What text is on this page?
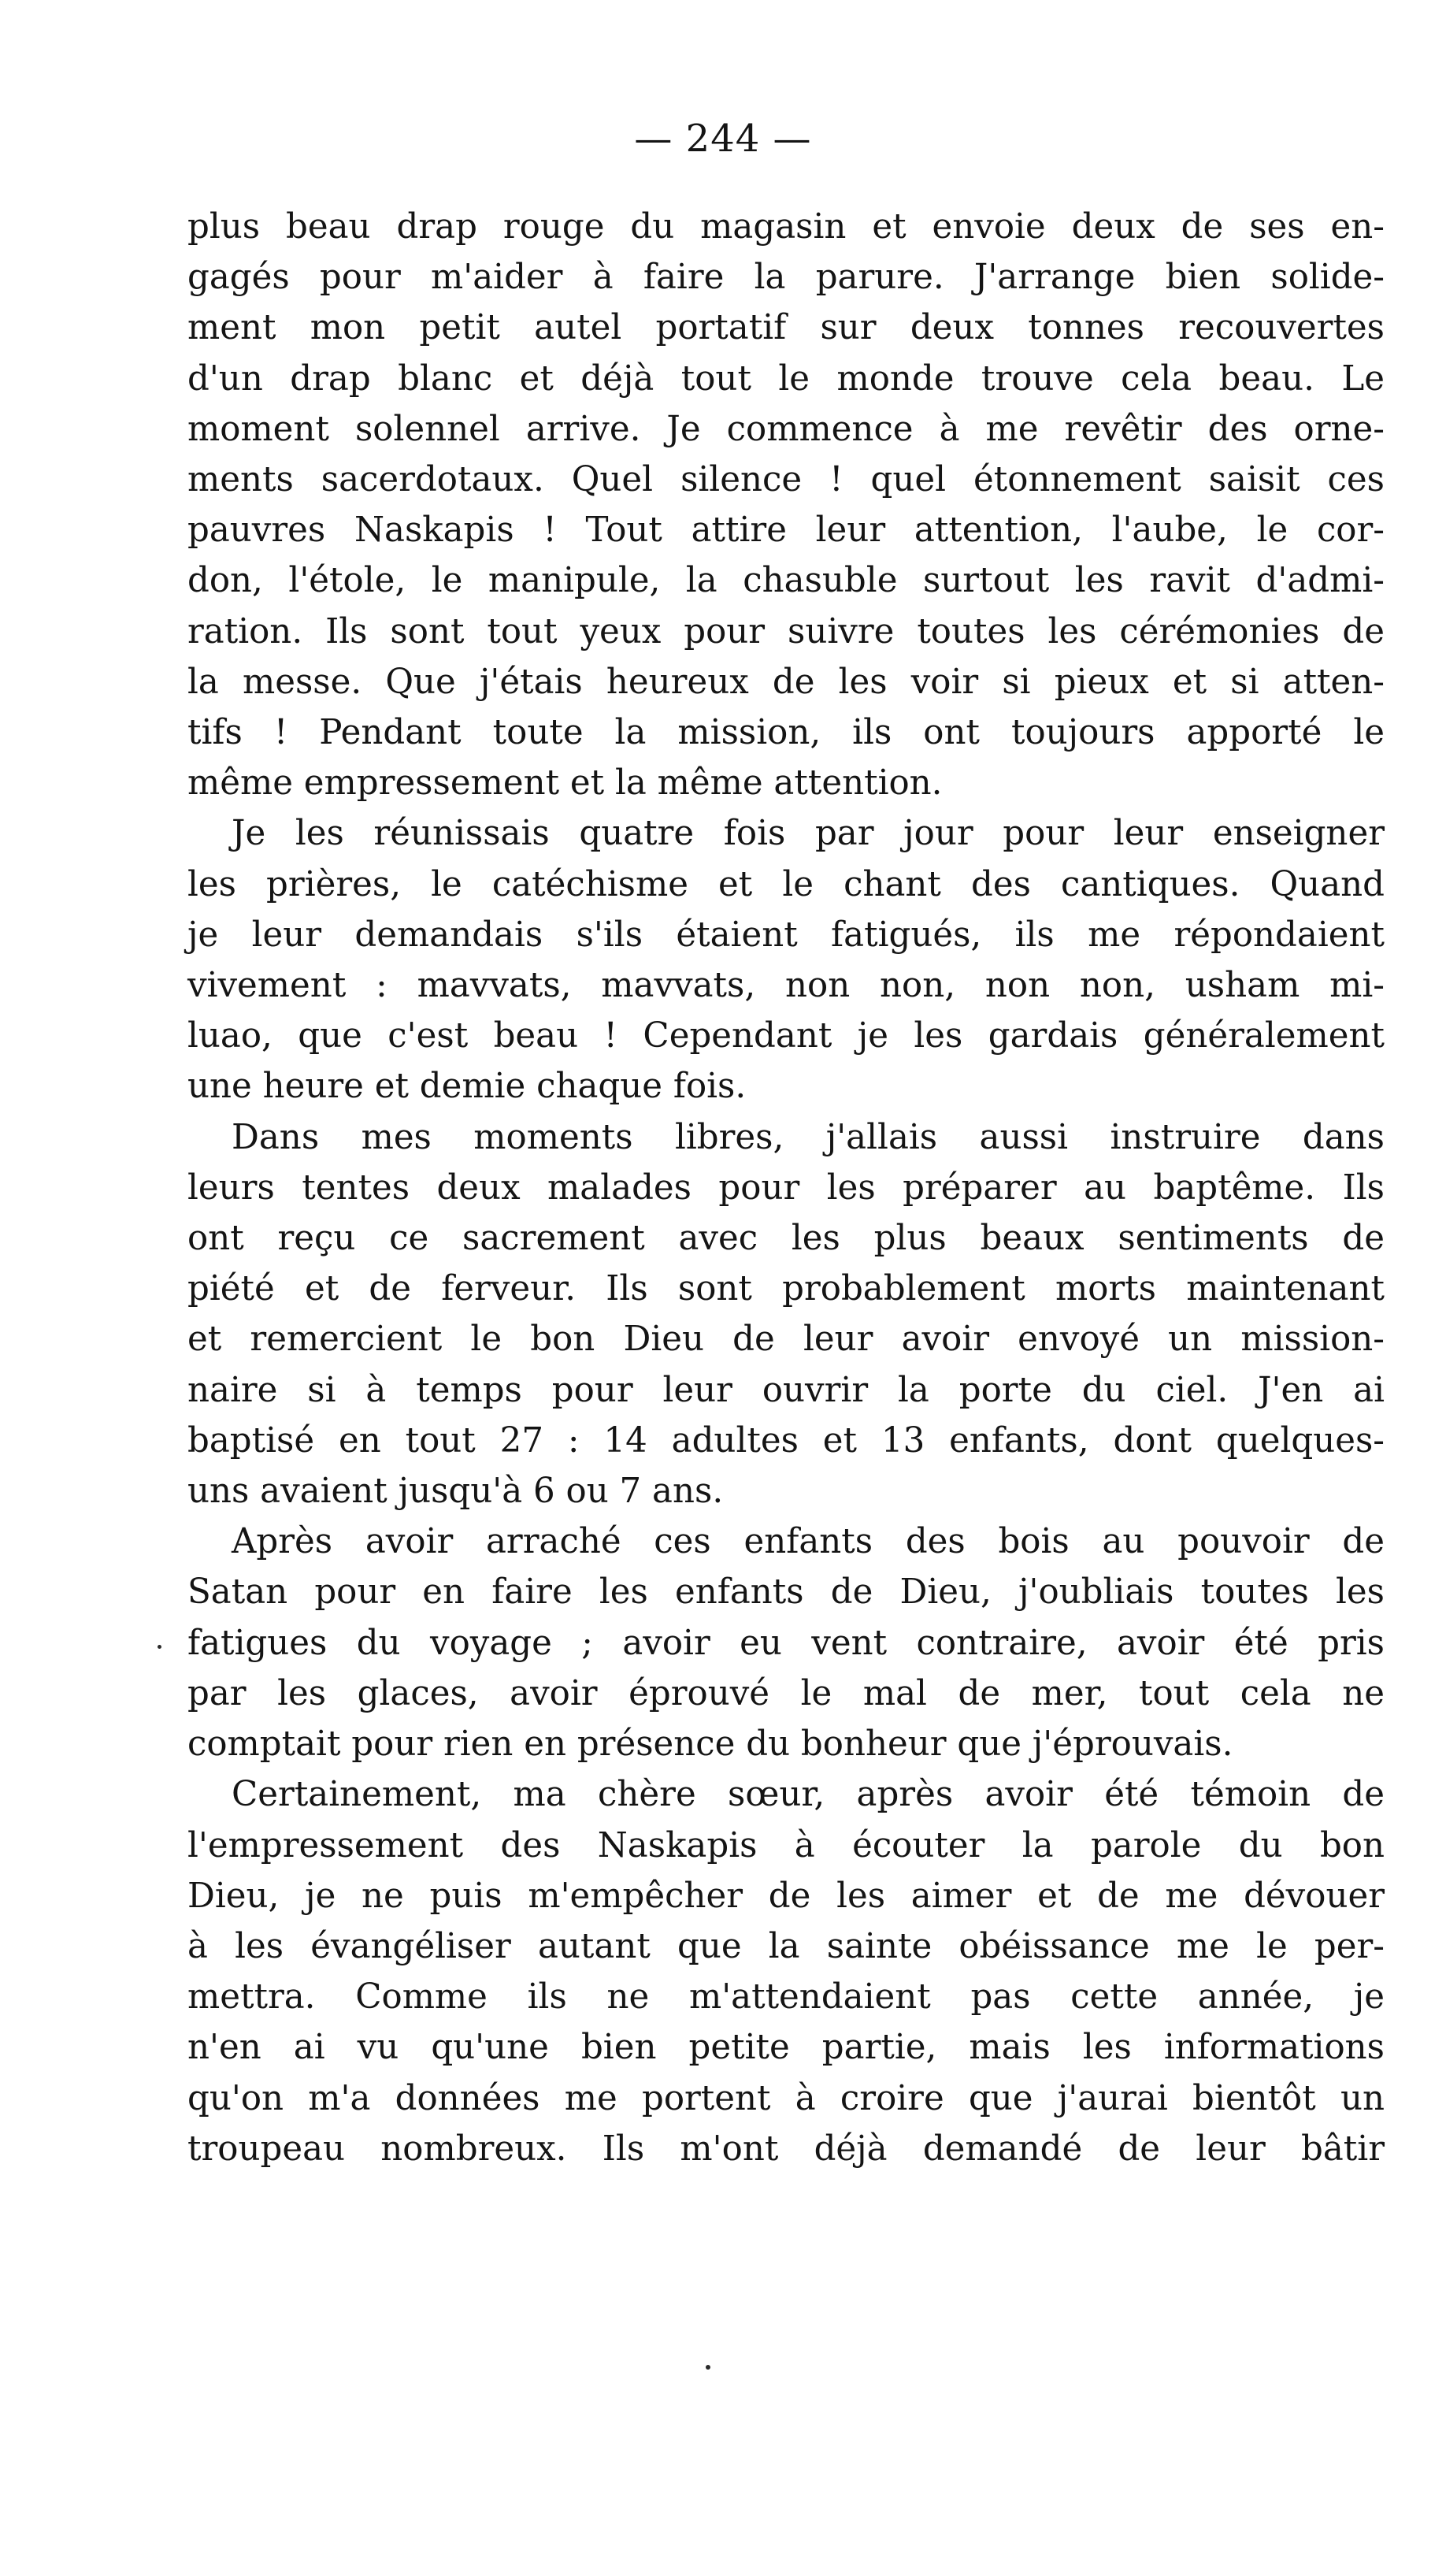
— 244 —

plus beau drap rouge du magasin et envoie deux de ses en-
gagés pour m'aider à faire la parure. J'arrange bien solide-
ment mon petit autel portatif sur deux tonnes recouvertes
d'un drap blanc et déjà tout le monde trouve cela beau. Le
moment solennel arrive. Je commence à me revêtir des orne-
ments sacerdotaux. Quel silence ! quel étonnement saisit ces
pauvres Naskapis ! Tout attire leur attention, l'aube, le cor-
don, l'étole, le manipule, la chasuble surtout les ravit d'admi-
ration. Ils sont tout yeux pour suivre toutes les cérémonies de
la messe. Que j'étais heureux de les voir si pieux et si atten-
tifs ! Pendant toute la mission, ils ont toujours apporté le
même empressement et la même attention.

Je les réunissais quatre fois par jour pour leur enseigner
les prières, le catéchisme et le chant des cantiques. Quand
je leur demandais s'ils étaient fatigués, ils me répondaient
vivement : mavvats, mavvats, non non, non non, usham mi-
luao, que c'est beau ! Cependant je les gardais généralement
une heure et demie chaque fois.

Dans mes moments libres, j'allais aussi instruire dans
leurs tentes deux malades pour les préparer au baptême. Ils
ont reçu ce sacrement avec les plus beaux sentiments de
piété et de ferveur. Ils sont probablement morts maintenant
et remercient le bon Dieu de leur avoir envoyé un mission-
naire si à temps pour leur ouvrir la porte du ciel. J'en ai
baptisé en tout 27 : 14 adultes et 13 enfants, dont quelques-
uns avaient jusqu'à 6 ou 7 ans.

Après avoir arraché ces enfants des bois au pouvoir de
Satan pour en faire les enfants de Dieu, j'oubliais toutes les
fatigues du voyage ; avoir eu vent contraire, avoir été pris
par les glaces, avoir éprouvé le mal de mer, tout cela ne
comptait pour rien en présence du bonheur que j'éprouvais.

Certainement, ma chère sœur, après avoir été témoin de
l'empressement des Naskapis à écouter la parole du bon
Dieu, je ne puis m'empêcher de les aimer et de me dévouer
à les évangéliser autant que la sainte obéissance me le per-
mettra. Comme ils ne m'attendaient pas cette année, je
n'en ai vu qu'une bien petite partie, mais les informations
qu'on m'a données me portent à croire que j'aurai bientôt un
troupeau nombreux. Ils m'ont déjà demandé de leur bâtir
